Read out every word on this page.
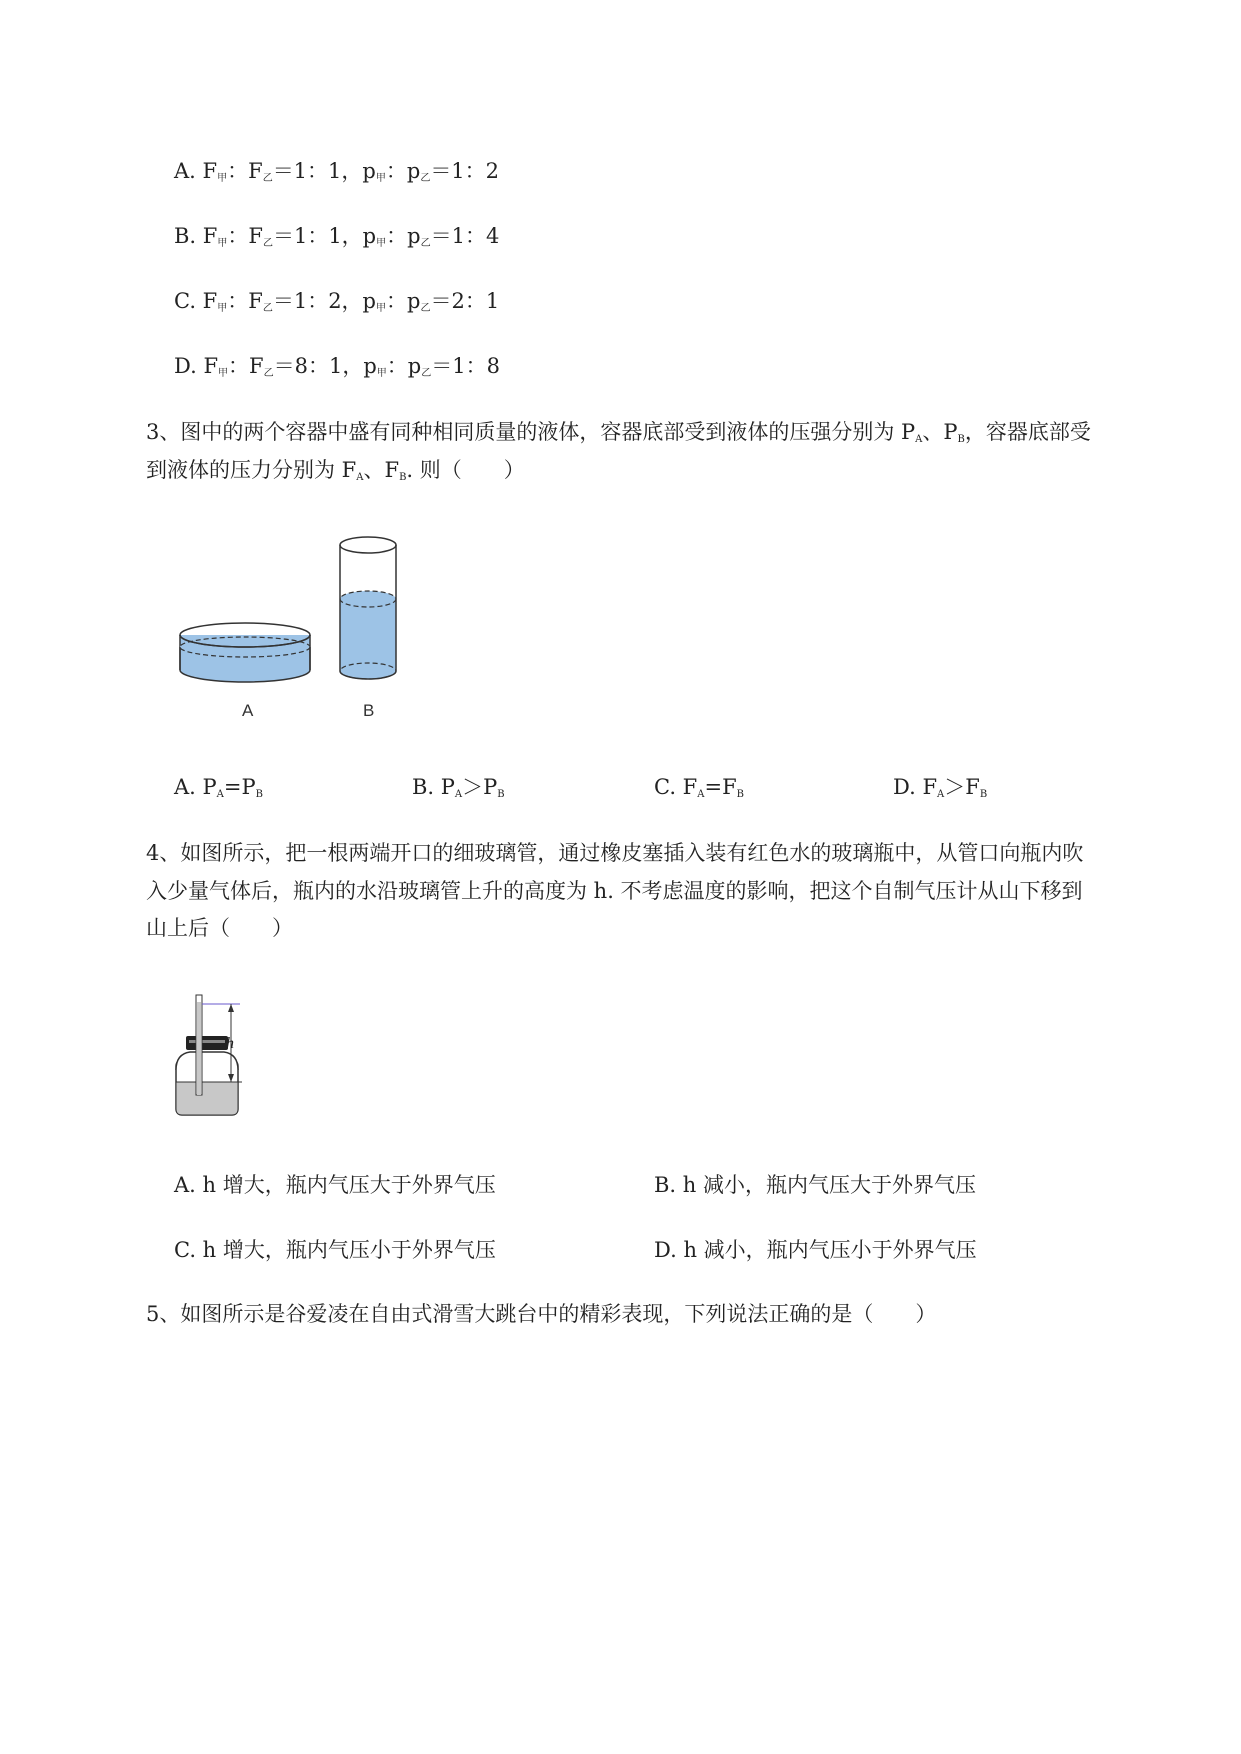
A. $F_甲$：$F_乙=1$：1，$p_甲$：$p_乙=1$：2
B. $F_甲$：$F_乙=1$：1，$p_甲$：$p_乙=1$：4
C. $F_甲$：$F_乙=1$：2，$p_甲$：$p_乙=2$：1
D. $F_甲$：$F_乙=8$：1，$p_甲$：$p_乙=1$：8
3、图中的两个容器中盛有同种相同质量的液体，容器底部受到液体的压强分别为 $P_A$、$P_B$，容器底部受
到液体的压力分别为 $F_A$、$F_B$. 则（　　）
A	B
A. $P_A=P_B$	B. $P_A>P_B$	C. $F_A=F_B$	D. $F_A>F_B$
4、如图所示，把一根两端开口的细玻璃管，通过橡皮塞插入装有红色水的玻璃瓶中，从管口向瓶内吹
入少量气体后，瓶内的水沿玻璃管上升的高度为 h. 不考虑温度的影响，把这个自制气压计从山下移到
山上后（　　）
h
A. h 增大，瓶内气压大于外界气压	B. h 减小，瓶内气压大于外界气压
C. h 增大，瓶内气压小于外界气压	D. h 减小，瓶内气压小于外界气压
5、如图所示是谷爱凌在自由式滑雪大跳台中的精彩表现，下列说法正确的是（　　）
